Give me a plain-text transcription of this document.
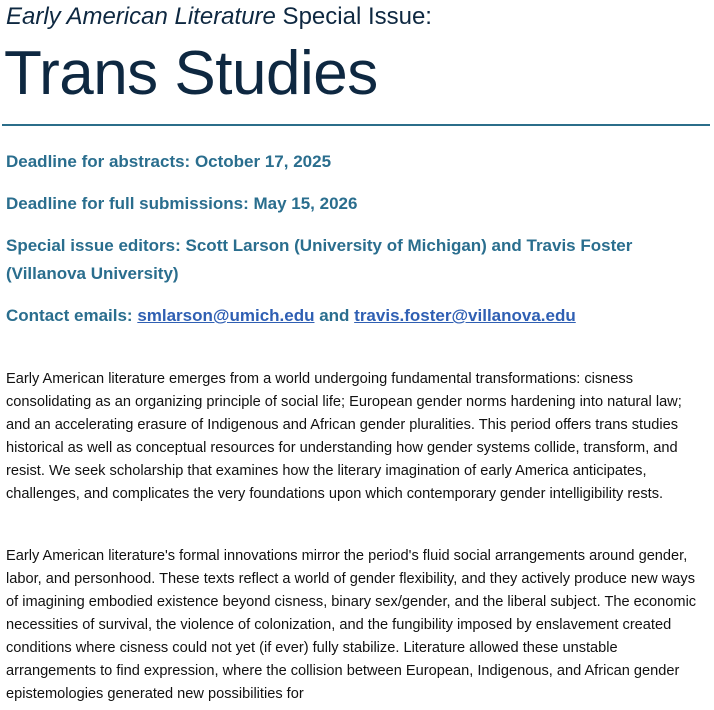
Early American Literature Special Issue:
Trans Studies
Deadline for abstracts: October 17, 2025
Deadline for full submissions: May 15, 2026
Special issue editors: Scott Larson (University of Michigan) and Travis Foster (Villanova University)
Contact emails: smlarson@umich.edu and travis.foster@villanova.edu
Early American literature emerges from a world undergoing fundamental transformations: cisness consolidating as an organizing principle of social life; European gender norms hardening into natural law; and an accelerating erasure of Indigenous and African gender pluralities. This period offers trans studies historical as well as conceptual resources for understanding how gender systems collide, transform, and resist. We seek scholarship that examines how the literary imagination of early America anticipates, challenges, and complicates the very foundations upon which contemporary gender intelligibility rests.
Early American literature's formal innovations mirror the period's fluid social arrangements around gender, labor, and personhood. These texts reflect a world of gender flexibility, and they actively produce new ways of imagining embodied existence beyond cisness, binary sex/gender, and the liberal subject. The economic necessities of survival, the violence of colonization, and the fungibility imposed by enslavement created conditions where cisness could not yet (if ever) fully stabilize. Literature allowed these unstable arrangements to find expression, where the collision between European, Indigenous, and African gender epistemologies generated new possibilities for
